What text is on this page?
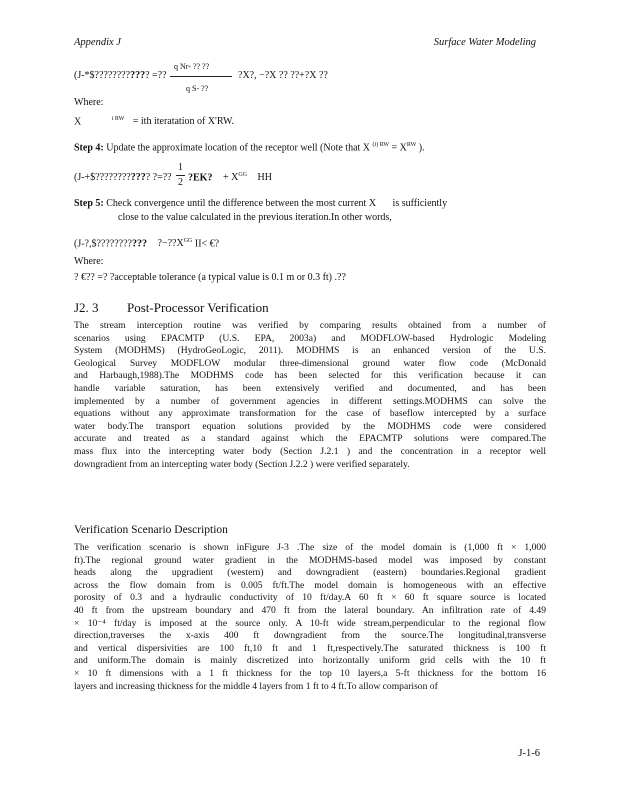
Appendix J	Surface Water Modeling
(J-*$???????????? =??
q Nr- ?? ??
q S- ??
?X?, −?X ?? ??+?X ??
Where:
X	$^{i RW}$ = ith iteratation of X'RW.
Step 4: Update the approximate location of the receptor well (Note that X $^{(i) RW} = X^{RW}$ ).
(J-+$???????????? ?=??
1
2 ?EK? + $X^{GG}$ HH
Step 5: Check convergence until the difference between the most current X is sufficiently
close to the value calculated in the previous iteration.In other words,
(J-?,$??????????? $?-??X^{GG}$ II< €?
Where:
? €?? =? ?acceptable tolerance (a typical value is 0.1 m or 0.3 ft) .??
J2. 3 Post-Processor Verification
The stream interception routine was verified by comparing results obtained from a number of
scenarios using EPACMTP (U.S. EPA, 2003a) and MODFLOW-based Hydrologic Modeling
System (MODHMS) (HydroGeoLogic, 2011). MODHMS is an enhanced version of the U.S.
Geological Survey MODFLOW modular three-dimensional ground water flow code (McDonald
and Harbaugh,1988).The MODHMS code has been selected for this verification because it can
handle variable saturation, has been extensively verified and documented, and has been
implemented by a number of government agencies in different settings.MODHMS can solve the
equations without any approximate transformation for the case of baseflow intercepted by a surface
water body.The transport equation solutions provided by the MODHMS code were considered
accurate and treated as a standard against which the EPACMTP solutions were compared.The
mass flux into the intercepting water body (Section J.2.1 ) and the concentration in a receptor well
downgradient from an intercepting water body (Section J.2.2 ) were verified separately.
Verification Scenario Description
The verification scenario is shown inFigure J-3 .The size of the model domain is (1,000 ft × 1,000
ft).The regional ground water gradient in the MODHMS-based model was imposed by constant
heads along the upgradient (western) and downgradient (eastern) boundaries.Regional gradient
across the flow domain from is 0.005 ft/ft.The model domain is homogeneous with an effective
porosity of 0.3 and a hydraulic conductivity of 10 ft/day.A 60 ft × 60 ft square source is located
40 ft from the upstream boundary and 470 ft from the lateral boundary. An infiltration rate of 4.49
× 10⁻⁴ ft/day is imposed at the source only. A 10-ft wide stream,perpendicular to the regional flow
direction,traverses the x-axis 400 ft downgradient from the source.The longitudinal,transverse
and vertical dispersivities are 100 ft,10 ft and 1 ft,respectively.The saturated thickness is 100 ft
and uniform.The domain is mainly discretized into horizontally uniform grid cells with the 10 ft
× 10 ft dimensions with a 1 ft thickness for the top 10 layers,a 5-ft thickness for the bottom 16
layers and increasing thickness for the middle 4 layers from 1 ft to 4 ft.To allow comparison of
J-1-6
